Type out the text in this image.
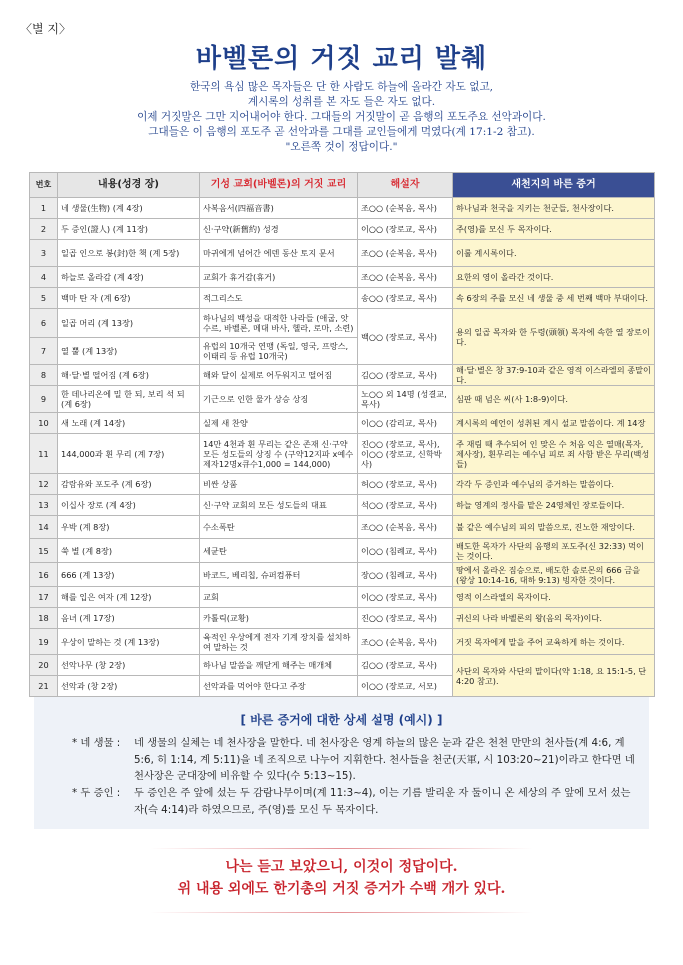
〈별 지〉
바벨론의 거짓 교리 발췌
한국의 욕심 많은 목자들은 단 한 사람도 하늘에 올라간 자도 없고,
계시록의 성취를 본 자도 들은 자도 없다.
이제 거짓말은 그만 지어내어야 한다. 그대들의 거짓말이 곧 음행의 포도주요 선악과이다.
그대들은 이 음행의 포도주 곧 선악과를 그대를 교인들에게 먹였다(계 17:1-2 참고).
"오른쪽 것이 정답이다."
번호	내용(성경 장)	기성 교회(바벨론)의 거짓 교리	해설자	새천지의 바른 증거
1	네 생물(生物) (계 4장)	사복음서(四福音書)	조○○ (순복음, 목사)	하나님과 천국을 지키는 천군들, 천사장이다.
2	두 증인(證人) (계 11장)	신·구약(新舊約) 성경	이○○ (장로교, 목사)	주(영)를 모신 두 목자이다.
3	일곱 인으로 봉(封)한 책 (계 5장)	마귀에게 넘어간 에덴 동산 토지 문서	조○○ (순복음, 목사)	이룰 계시록이다.
4	하늘로 올라감 (계 4장)	교회가 휴거감(휴거)	조○○ (순복음, 목사)	요한의 영이 올라간 것이다.
5	백마 탄 자 (계 6장)	적그리스도	송○○ (장로교, 목사)	속 6장의 주를 모신 네 생물 중 세 번째 백마 부대이다.
6	일곱 머리 (계 13장)	하나님의 백성을 대적한 나라들 (애굽, 앗수르, 바벨론, 메대 바사, 헬라, 로마, 소련)	백○○ (장로교, 목사)	용의 일곱 목자와 한 두령(頭領) 목자에 속한 열 장로이다.
7	열 뿔 (계 13장)	유럽의 10개국 연맹 (독일, 영국, 프랑스, 이태리 등 유럽 10개국)		
8	해·달·별 떨어짐 (계 6장)	해와 달이 실제로 어두워지고 떨어짐	김○○ (장로교, 목사)	해·달·별은 창 37:9-10과 같은 영적 이스라엘의 종말이다.
9	한 데나리온에 밀 한 되, 보리 석 되 (계 6장)	기근으로 인한 물가 상승 상징	노○○ 외 14명 (성결교, 목사)	심판 때 넘은 씨(사 1:8-9)이다.
10	새 노래 (계 14장)	실제 새 찬양	이○○ (감리교, 목사)	계시록의 예언이 성취된 계시 설교 말씀이다. 계 14장
11	144,000과 흰 무리 (계 7장)	14만 4천과 흰 무리는 같은 존재 신·구약 모든 성도들의 상징 수 (구약12지파 x예수제자12명x큐수1,000 = 144,000)	진○○ (장로교, 목사), 이○○ (장로교, 신학박사)	주 재림 때 추수되어 인 맞은 수 처음 익은 열매(목자, 제사장), 흰무리는 예수님 피로 죄 사함 받은 무리(백성들)
12	감람유와 포도주 (계 6장)	비싼 상품	허○○ (장로교, 목사)	각각 두 증인과 예수님의 증거하는 말씀이다.
13	이십사 장로 (계 4장)	신·구약 교회의 모든 성도들의 대표	석○○ (장로교, 목사)	하늘 영계의 정사를 맡은 24영체인 장로들이다.
14	우박 (계 8장)	수소폭탄	조○○ (순복음, 목사)	불 같은 예수님의 피의 말씀으로, 진노한 재앙이다.
15	쑥 별 (계 8장)	세균탄	이○○ (침례교, 목사)	배도한 목자가 사단의 음행의 포도주(신 32:33) 먹이는 것이다.
16	666 (계 13장)	바코드, 베리칩, 슈퍼컴퓨터	장○○ (침례교, 목사)	땅에서 올라온 짐승으로, 배도한 솔로몬의 666 금을 (왕상 10:14-16, 대하 9:13) 빙자한 것이다.
17	해를 입은 여자 (계 12장)	교회	이○○ (장로교, 목사)	영적 이스라엘의 목자이다.
18	음녀 (계 17장)	카톨릭(교황)	진○○ (장로교, 목사)	귀신의 나라 바벨론의 왕(음의 목자)이다.
19	우상이 말하는 것 (계 13장)	육적인 우상에게 전자 기계 장치를 설치하여 말하는 것	조○○ (순복음, 목사)	거짓 목자에게 말을 주어 교육하게 하는 것이다.
20	선악나무 (창 2장)	하나님 말씀을 깨닫게 해주는 매개체	김○○ (장로교, 목사)	사단의 목자와 사단의 말이다(약 1:18, 요 15:1-5, 단 4:20 참고).
21	선악과 (창 2장)	선악과를 먹어야 한다고 주장	이○○ (장로교, 서모)	
[ 바른 증거에 대한 상세 설명 (예시) ]
* 네 생물 :	네 생물의 실체는 네 천사장을 말한다. 네 천사장은 영계 하늘의 많은 눈과 같은 천천 만만의 천사들(계 4:6, 계 5:6, 히 1:14, 계 5:11)을 네 조직으로 나누어 지휘한다. 천사들을 천군(天軍, 시 103:20~21)이라고 한다면 네 천사장은 군대장에 비유할 수 있다(수 5:13~15).
* 두 증인 :	두 증인은 주 앞에 섰는 두 감람나무이며(계 11:3~4), 이는 기름 발리운 자 둘이니 온 세상의 주 앞에 모서 섰는 자(슥 4:14)라 하였으므로, 주(영)를 모신 두 목자이다.
나는 듣고 보았으니, 이것이 정답이다.
위 내용 외에도 한기총의 거짓 증거가 수백 개가 있다.
